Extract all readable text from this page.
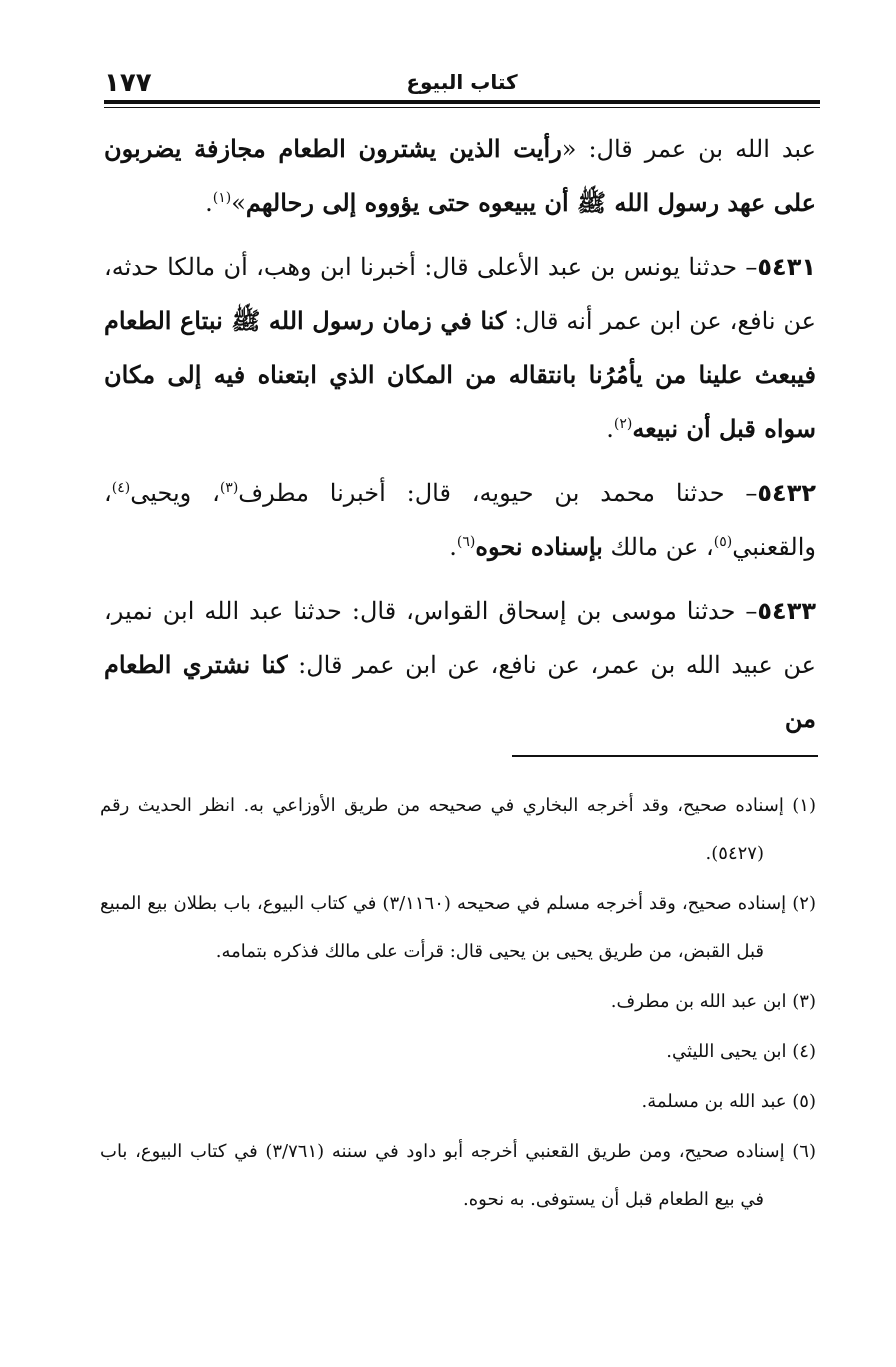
١٧٧	كتاب البيوع

عبد الله بن عمر قال: «رأيت الذين يشترون الطعام مجازفة يضربون على عهد رسول الله ﷺ أن يبيعوه حتى يؤووه إلى رحالهم»$^{(١)}$.

٥٤٣١– حدثنا يونس بن عبد الأعلى قال: أخبرنا ابن وهب، أن مالكا حدثه، عن نافع، عن ابن عمر أنه قال: كنا في زمان رسول الله ﷺ نبتاع الطعام فيبعث علينا من يأمُرُنا بانتقاله من المكان الذي ابتعناه فيه إلى مكان سواه قبل أن نبيعه$^{(٢)}$.

٥٤٣٢– حدثنا محمد بن حيويه، قال: أخبرنا مطرف$^{(٣)}$، ويحيى$^{(٤)}$، والقعنبي$^{(٥)}$، عن مالك بإسناده نحوه$^{(٦)}$.

٥٤٣٣– حدثنا موسى بن إسحاق القواس، قال: حدثنا عبد الله ابن نمير، عن عبيد الله بن عمر، عن نافع، عن ابن عمر قال: كنا نشتري الطعام من

(١) إسناده صحيح، وقد أخرجه البخاري في صحيحه من طريق الأوزاعي به. انظر الحديث رقم (٥٤٢٧).

(٢) إسناده صحيح، وقد أخرجه مسلم في صحيحه (٣/١١٦٠) في كتاب البيوع، باب بطلان بيع المبيع قبل القبض، من طريق يحيى بن يحيى قال: قرأت على مالك فذكره بتمامه.

(٣) ابن عبد الله بن مطرف.

(٤) ابن يحيى الليثي.

(٥) عبد الله بن مسلمة.

(٦) إسناده صحيح، ومن طريق القعنبي أخرجه أبو داود في سننه (٣/٧٦١) في كتاب البيوع، باب في بيع الطعام قبل أن يستوفى. به نحوه.
